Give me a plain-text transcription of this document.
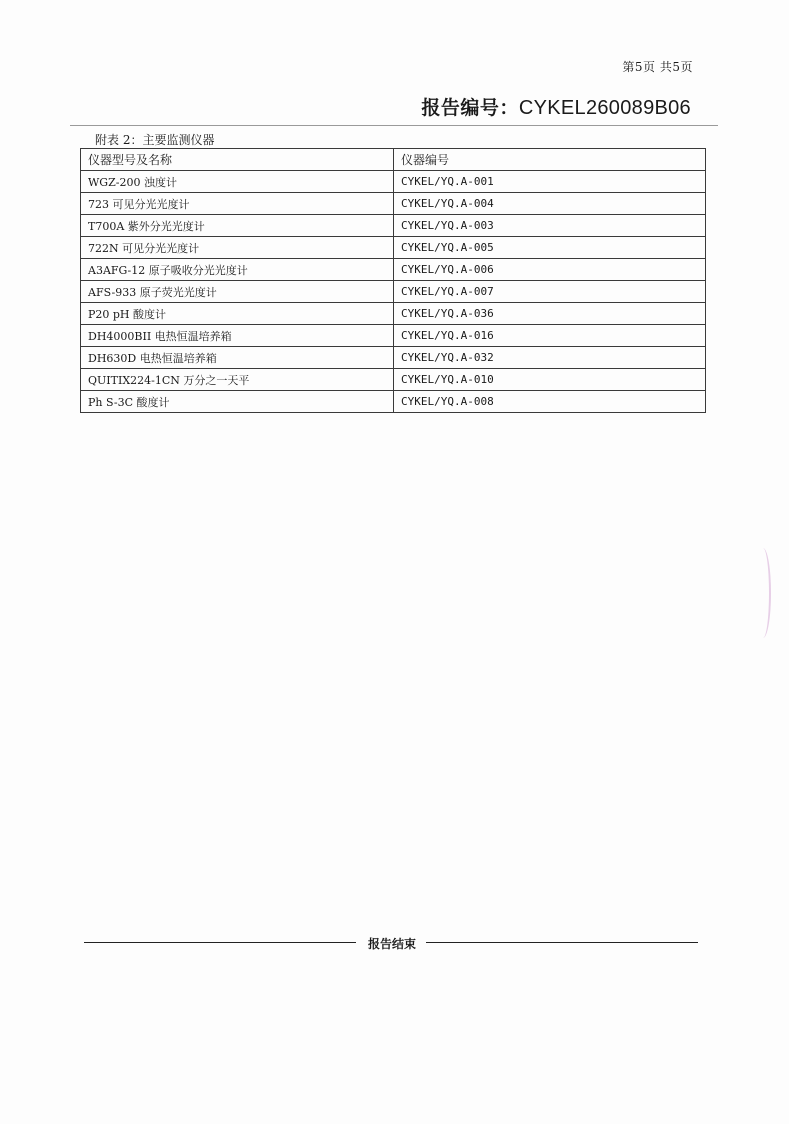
第5页 共5页
报告编号：CYKEL260089B06
附表 2：主要监测仪器
仪器型号及名称	仪器编号
WGZ-200 浊度计	CYKEL/YQ.A-001
723 可见分光光度计	CYKEL/YQ.A-004
T700A 紫外分光光度计	CYKEL/YQ.A-003
722N 可见分光光度计	CYKEL/YQ.A-005
A3AFG-12 原子吸收分光光度计	CYKEL/YQ.A-006
AFS-933 原子荧光光度计	CYKEL/YQ.A-007
P20 pH 酸度计	CYKEL/YQ.A-036
DH4000BII 电热恒温培养箱	CYKEL/YQ.A-016
DH630D 电热恒温培养箱	CYKEL/YQ.A-032
QUITIX224-1CN 万分之一天平	CYKEL/YQ.A-010
Ph S-3C 酸度计	CYKEL/YQ.A-008
报告结束
